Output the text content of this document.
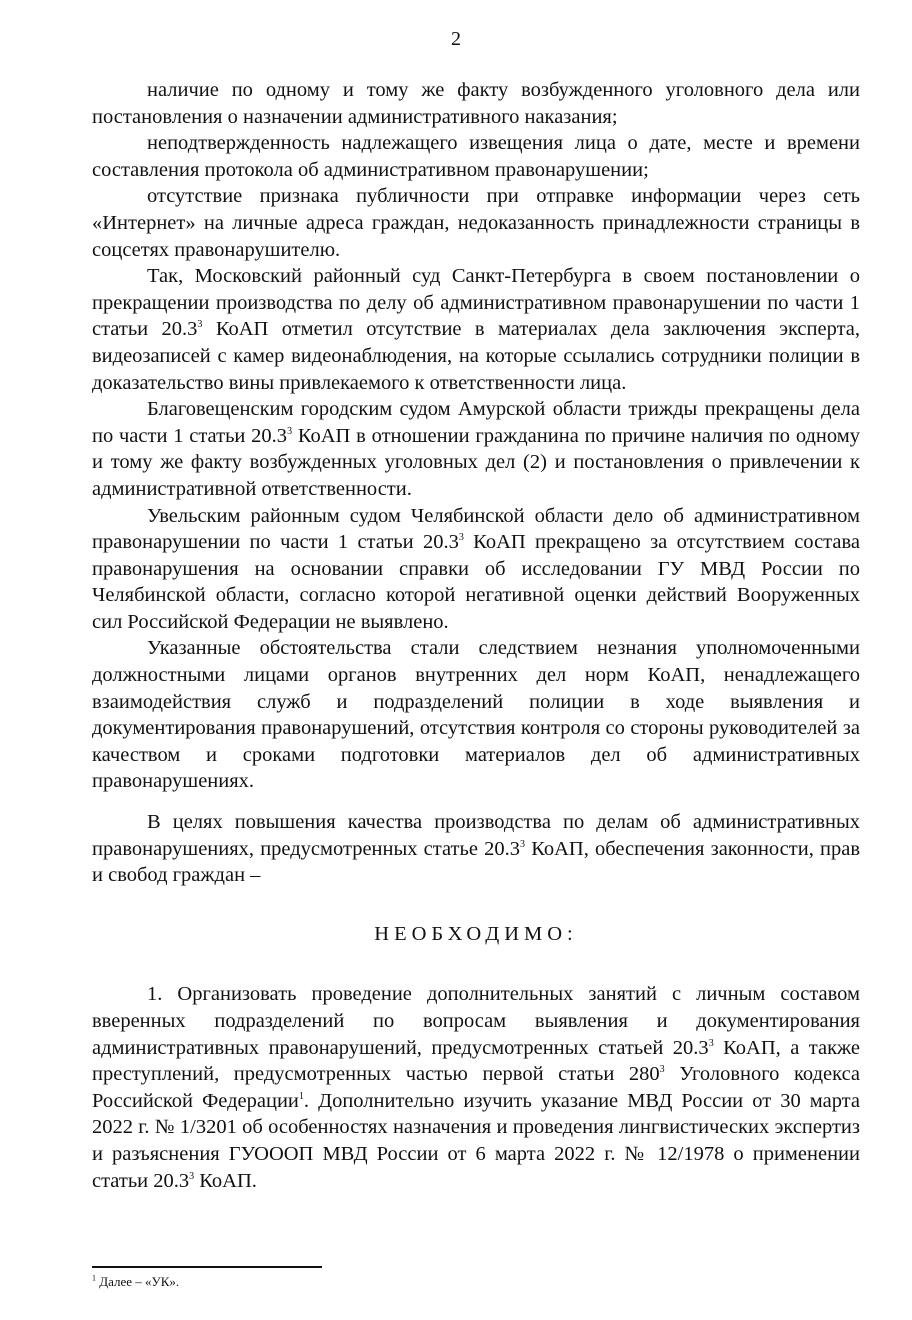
2

наличие по одному и тому же факту возбужденного уголовного дела или постановления о назначении административного наказания;

неподтвержденность надлежащего извещения лица о дате, месте и времени составления протокола об административном правонарушении;

отсутствие признака публичности при отправке информации через сеть «Интернет» на личные адреса граждан, недоказанность принадлежности страницы в соцсетях правонарушителю.

Так, Московский районный суд Санкт-Петербурга в своем постановлении о прекращении производства по делу об административном правонарушении по части 1 статьи 20.3$^3$ КоАП отметил отсутствие в материалах дела заключения эксперта, видеозаписей с камер видеонаблюдения, на которые ссылались сотрудники полиции в доказательство вины привлекаемого к ответственности лица.

Благовещенским городским судом Амурской области трижды прекращены дела по части 1 статьи 20.3$^3$ КоАП в отношении гражданина по причине наличия по одному и тому же факту возбужденных уголовных дел (2) и постановления о привлечении к административной ответственности.

Увельским районным судом Челябинской области дело об административном правонарушении по части 1 статьи 20.3$^3$ КоАП прекращено за отсутствием состава правонарушения на основании справки об исследовании ГУ МВД России по Челябинской области, согласно которой негативной оценки действий Вооруженных сил Российской Федерации не выявлено.

Указанные обстоятельства стали следствием незнания уполномоченными должностными лицами органов внутренних дел норм КоАП, ненадлежащего взаимодействия служб и подразделений полиции в ходе выявления и документирования правонарушений, отсутствия контроля со стороны руководителей за качеством и сроками подготовки материалов дел об административных правонарушениях.

В целях повышения качества производства по делам об административных правонарушениях, предусмотренных статье 20.3$^3$ КоАП, обеспечения законности, прав и свобод граждан –

НЕОБХОДИМО:

1. Организовать проведение дополнительных занятий с личным составом вверенных подразделений по вопросам выявления и документирования административных правонарушений, предусмотренных статьей 20.3$^3$ КоАП, а также преступлений, предусмотренных частью первой статьи $280^3$ Уголовного кодекса Российской Федерации$^1$. Дополнительно изучить указание МВД России от 30 марта 2022 г. № 1/3201 об особенностях назначения и проведения лингвистических экспертиз и разъяснения ГУОООП МВД России от 6 марта 2022 г. № 12/1978 о применении статьи 20.3$^3$ КоАП.

$^1$ Далее – «УК».
